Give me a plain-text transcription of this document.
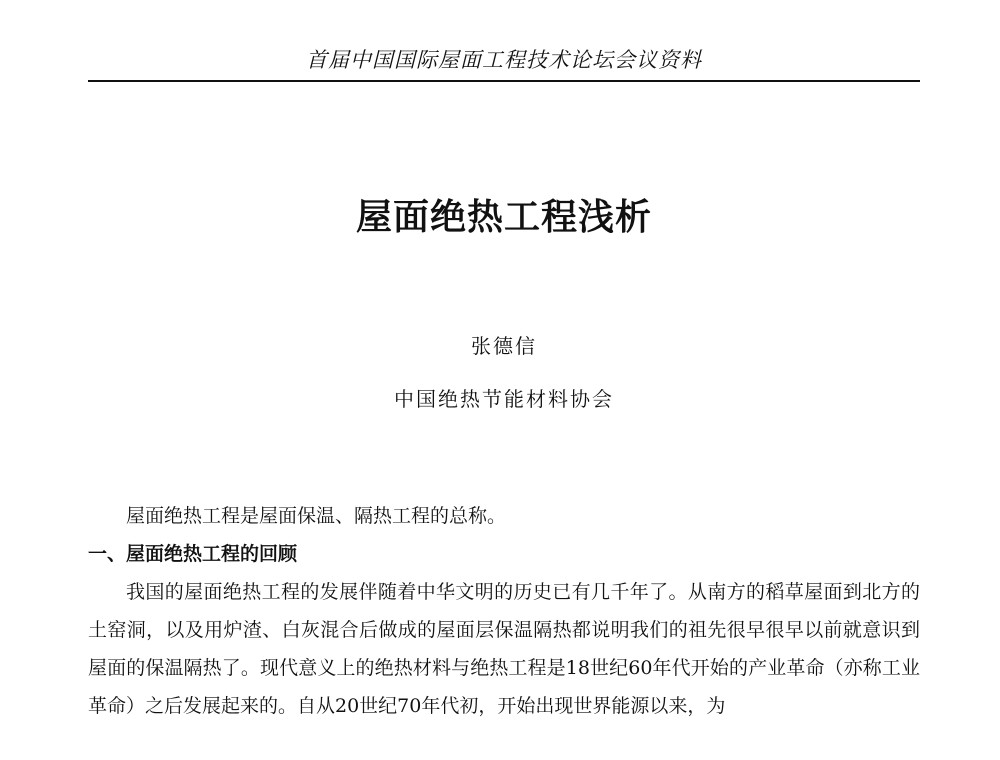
首届中国国际屋面工程技术论坛会议资料
屋面绝热工程浅析
张德信
中国绝热节能材料协会

屋面绝热工程是屋面保温、隔热工程的总称。

一、屋面绝热工程的回顾

我国的屋面绝热工程的发展伴随着中华文明的历史已有几千年了。从南方的稻草屋面到北方的土窑洞，以及用炉渣、白灰混合后做成的屋面层保温隔热都说明我们的祖先很早很早以前就意识到屋面的保温隔热了。现代意义上的绝热材料与绝热工程是18世纪60年代开始的产业革命（亦称工业革命）之后发展起来的。自从20世纪70年代初，开始出现世界能源以来，为
